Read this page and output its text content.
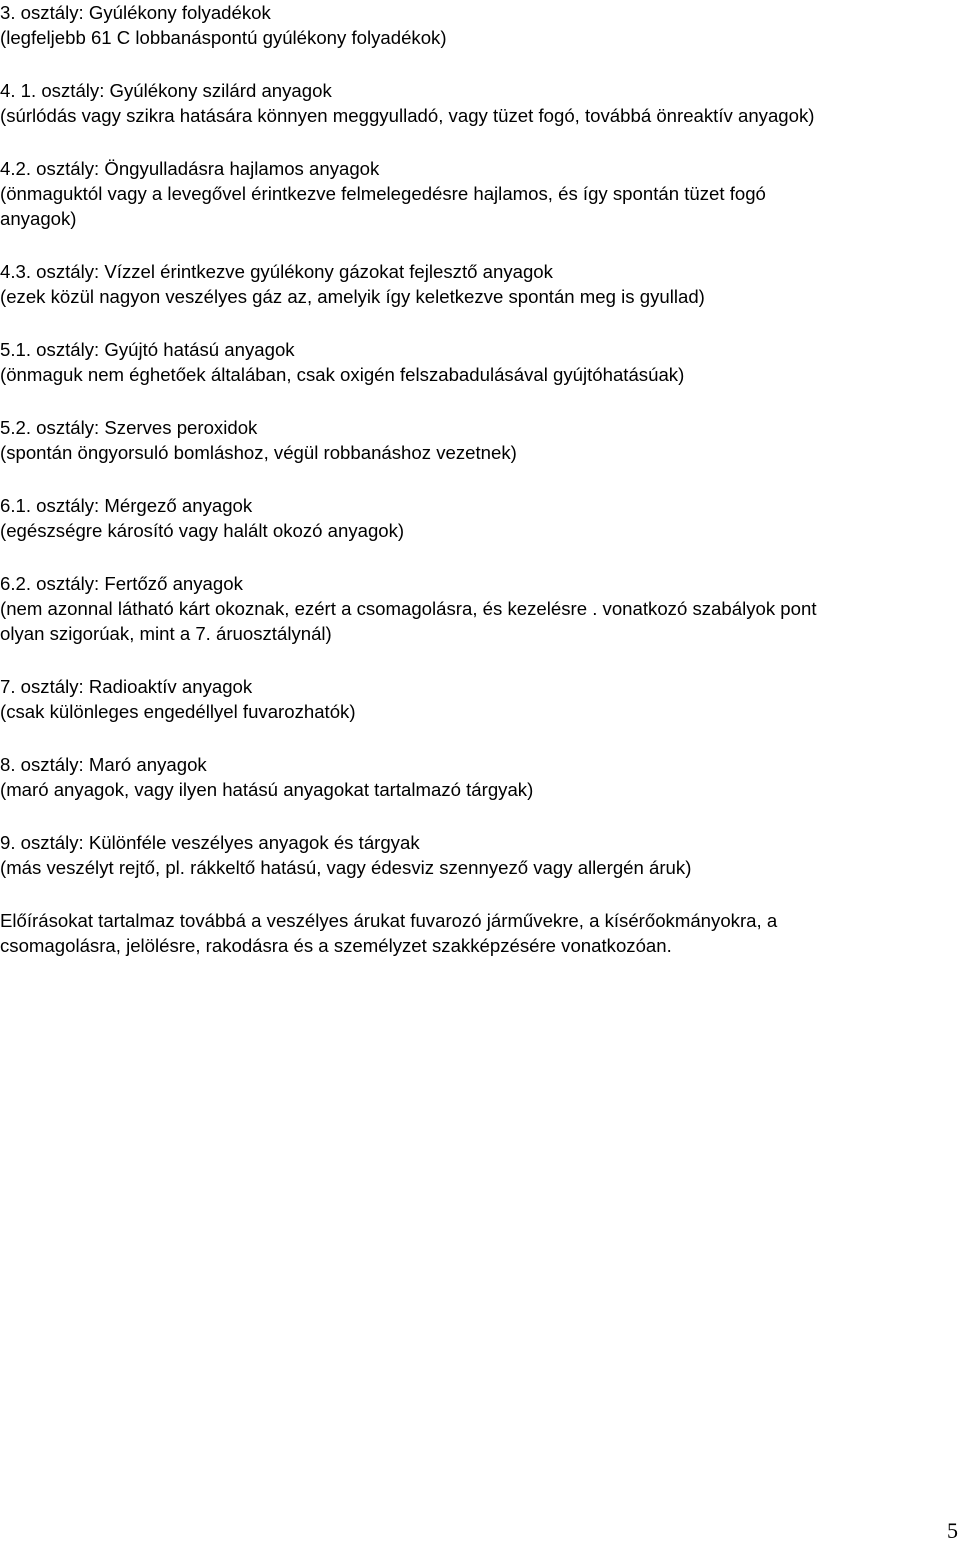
3. osztály: Gyúlékony folyadékok
(legfeljebb 61 C lobbanáspontú gyúlékony folyadékok)
4. 1. osztály: Gyúlékony szilárd anyagok
(súrlódás vagy szikra hatására könnyen meggyulladó, vagy tüzet fogó, továbbá önreaktív anyagok)
4.2. osztály: Öngyulladásra hajlamos anyagok
(önmaguktól vagy a levegővel érintkezve felmelegedésre hajlamos, és így spontán tüzet fogó
anyagok)
4.3. osztály: Vízzel érintkezve gyúlékony gázokat fejlesztő anyagok
(ezek közül nagyon veszélyes gáz az, amelyik így keletkezve spontán meg is gyullad)
5.1. osztály: Gyújtó hatású anyagok
(önmaguk nem éghetőek általában, csak oxigén felszabadulásával gyújtóhatásúak)
5.2. osztály: Szerves peroxidok
(spontán öngyorsuló bomláshoz, végül robbanáshoz vezetnek)
6.1. osztály: Mérgező anyagok
(egészségre károsító vagy halált okozó anyagok)
6.2. osztály: Fertőző anyagok
(nem azonnal látható kárt okoznak, ezért a csomagolásra, és kezelésre . vonatkozó szabályok pont
olyan szigorúak, mint a 7. áruosztálynál)
7. osztály: Radioaktív anyagok
(csak különleges engedéllyel fuvarozhatók)
8. osztály: Maró anyagok
(maró anyagok, vagy ilyen hatású anyagokat tartalmazó tárgyak)
9. osztály: Különféle veszélyes anyagok és tárgyak
(más veszélyt rejtő, pl. rákkeltő hatású, vagy édesviz szennyező vagy allergén áruk)
Előírásokat tartalmaz továbbá a veszélyes árukat fuvarozó járművekre, a kísérőokmányokra, a
csomagolásra, jelölésre, rakodásra és a személyzet szakképzésére vonatkozóan.
5
